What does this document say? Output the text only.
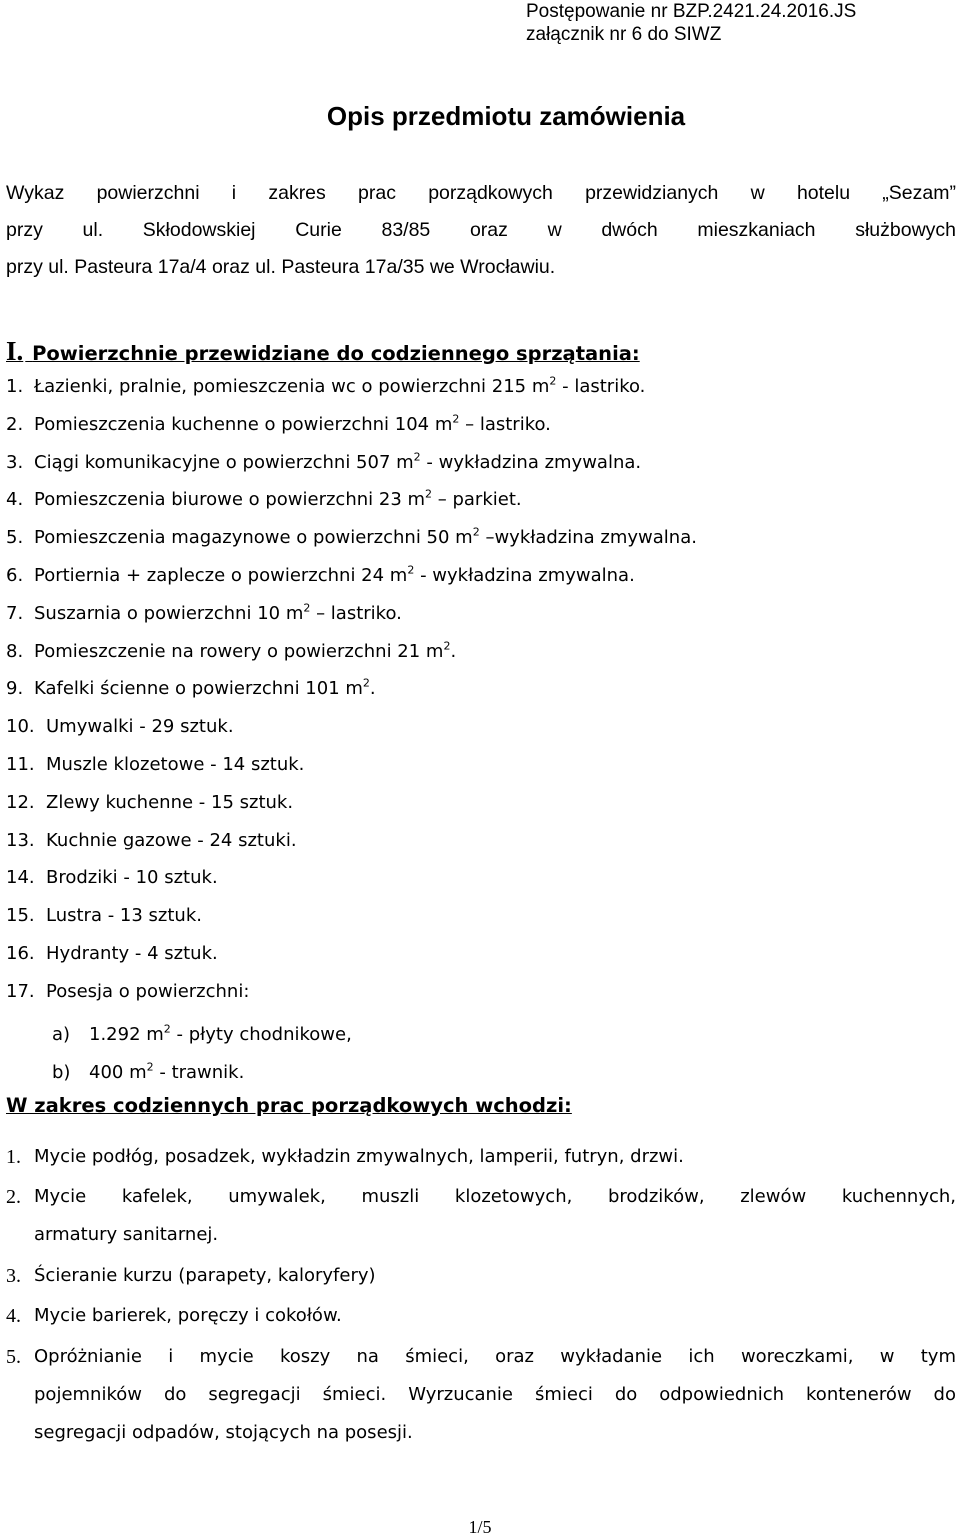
Postępowanie nr BZP.2421.24.2016.JS
załącznik nr 6 do SIWZ
Opis przedmiotu zamówienia
Wykaz powierzchni i zakres prac porządkowych przewidzianych w hotelu „Sezam”
przy ul. Skłodowskiej Curie 83/85 oraz w dwóch mieszkaniach służbowych
przy ul. Pasteura 17a/4 oraz ul. Pasteura 17a/35 we Wrocławiu.
I. Powierzchnie przewidziane do codziennego sprzątania:
1. Łazienki, pralnie, pomieszczenia wc o powierzchni 215 $m^2$ - lastriko.
2. Pomieszczenia kuchenne o powierzchni 104 $m^2$ – lastriko.
3. Ciągi komunikacyjne o powierzchni 507 $m^2$ - wykładzina zmywalna.
4. Pomieszczenia biurowe o powierzchni 23 $m^2$ – parkiet.
5. Pomieszczenia magazynowe o powierzchni 50 $m^2$ –wykładzina zmywalna.
6. Portiernia + zaplecze o powierzchni 24 $m^2$ - wykładzina zmywalna.
7. Suszarnia o powierzchni 10 $m^2$ – lastriko.
8. Pomieszczenie na rowery o powierzchni 21 $m^2$.
9. Kafelki ścienne o powierzchni 101 $m^2$.
10. Umywalki - 29 sztuk.
11. Muszle klozetowe - 14 sztuk.
12. Zlewy kuchenne - 15 sztuk.
13. Kuchnie gazowe - 24 sztuki.
14. Brodziki - 10 sztuk.
15. Lustra - 13 sztuk.
16. Hydranty - 4 sztuk.
17. Posesja o powierzchni:
a) 1.292 $m^2$ - płyty chodnikowe,
b) 400 $m^2$ - trawnik.
W zakres codziennych prac porządkowych wchodzi:
1. Mycie podłóg, posadzek, wykładzin zmywalnych, lamperii, futryn, drzwi.
2. Mycie kafelek, umywalek, muszli klozetowych, brodzików, zlewów kuchennych,
armatury sanitarnej.
3. Ścieranie kurzu (parapety, kaloryfery)
4. Mycie barierek, poręczy i cokołów.
5. Opróżnianie i mycie koszy na śmieci, oraz wykładanie ich woreczkami, w tym
pojemników do segregacji śmieci. Wyrzucanie śmieci do odpowiednich kontenerów do
segregacji odpadów, stojących na posesji.
1/5
